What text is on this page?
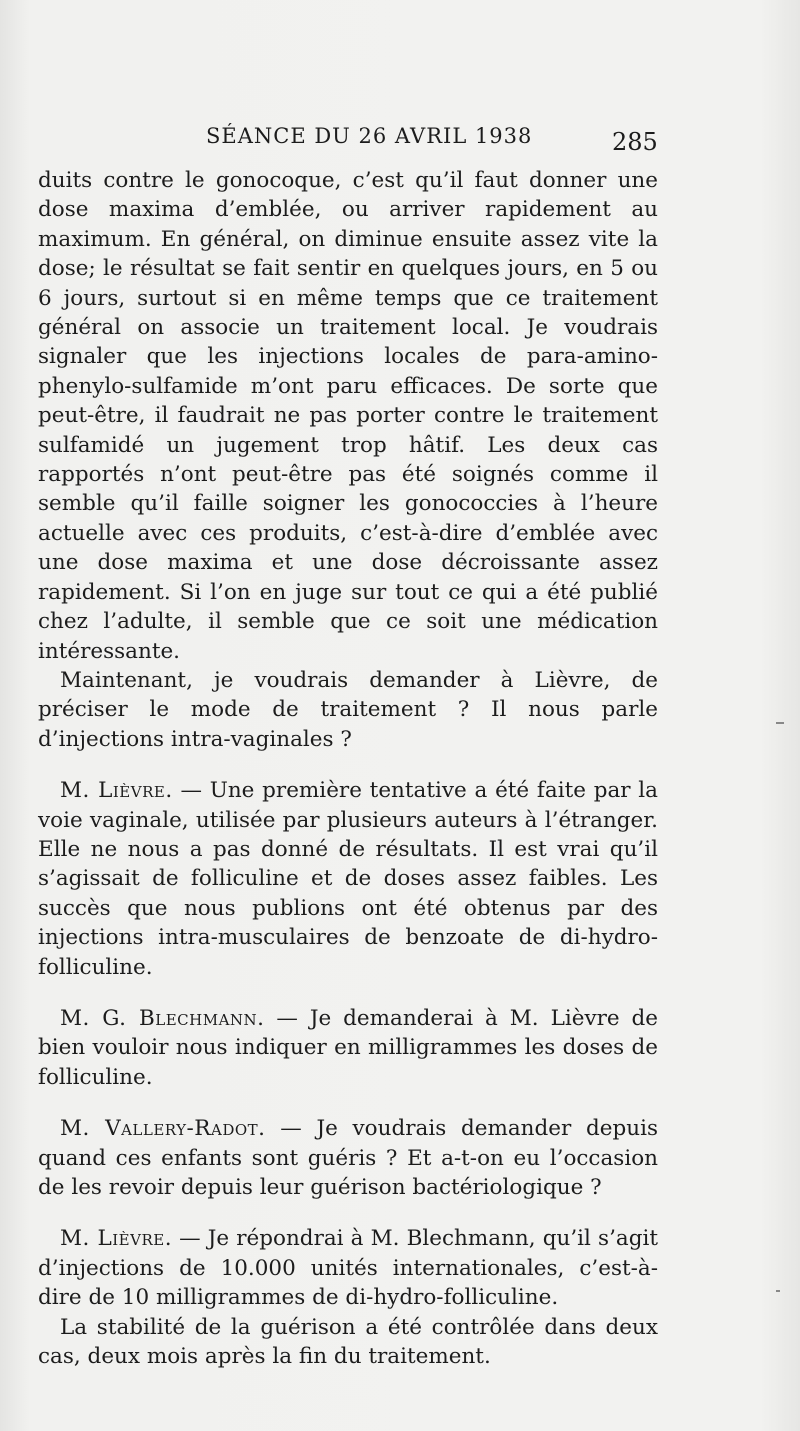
SÉANCE DU 26 AVRIL 1938	285

duits contre le gonocoque, c’est qu’il faut donner une dose maxima d’emblée, ou arriver rapidement au maximum. En général, on diminue ensuite assez vite la dose; le résultat se fait sentir en quelques jours, en 5 ou 6 jours, surtout si en même temps que ce traitement général on associe un traitement local. Je voudrais signaler que les injections locales de para-amino-phenylo-sulfamide m’ont paru efficaces. De sorte que peut-être, il faudrait ne pas porter contre le traitement sulfamidé un jugement trop hâtif. Les deux cas rapportés n’ont peut-être pas été soignés comme il semble qu’il faille soigner les gonococcies à l’heure actuelle avec ces produits, c’est-à-dire d’emblée avec une dose maxima et une dose décroissante assez rapidement. Si l’on en juge sur tout ce qui a été publié chez l’adulte, il semble que ce soit une médication intéressante.

Maintenant, je voudrais demander à Lièvre, de préciser le mode de traitement ? Il nous parle d’injections intra-vaginales ?

M. Lièvre. — Une première tentative a été faite par la voie vaginale, utilisée par plusieurs auteurs à l’étranger. Elle ne nous a pas donné de résultats. Il est vrai qu’il s’agissait de folliculine et de doses assez faibles. Les succès que nous publions ont été obtenus par des injections intra-musculaires de benzoate de di-hydro-folliculine.

M. G. Blechmann. — Je demanderai à M. Lièvre de bien vouloir nous indiquer en milligrammes les doses de folliculine.

M. Vallery-Radot. — Je voudrais demander depuis quand ces enfants sont guéris ? Et a-t-on eu l’occasion de les revoir depuis leur guérison bactériologique ?

M. Lièvre. — Je répondrai à M. Blechmann, qu’il s’agit d’injections de 10.000 unités internationales, c’est-à-dire de 10 milligrammes de di-hydro-folliculine.

La stabilité de la guérison a été contrôlée dans deux cas, deux mois après la fin du traitement.
